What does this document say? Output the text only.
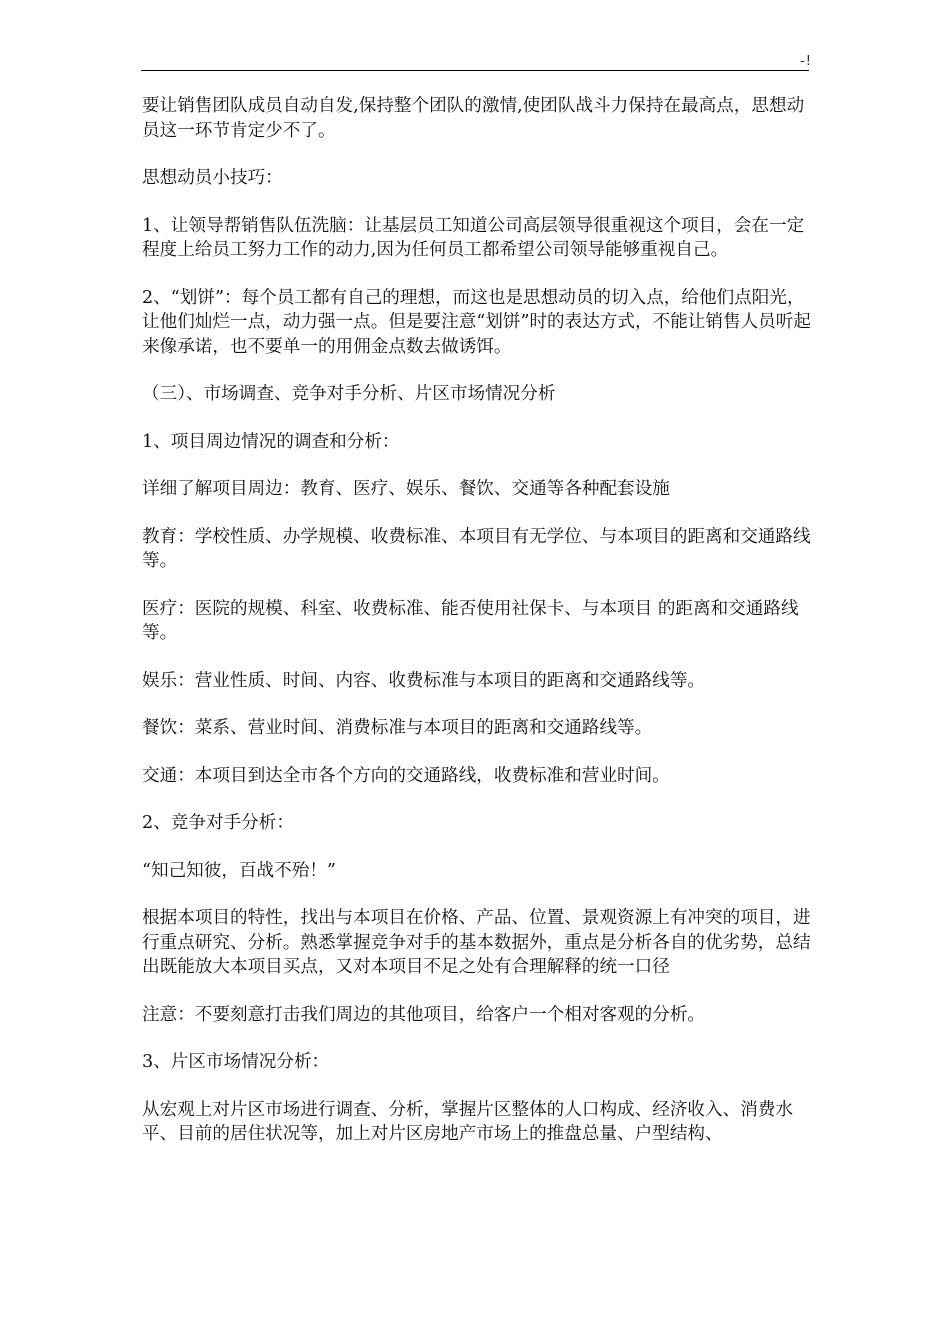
-!

要让销售团队成员自动自发,保持整个团队的激情,使团队战斗力保持在最高点，思想动员这一环节肯定少不了。

思想动员小技巧：

1、让领导帮销售队伍洗脑：让基层员工知道公司高层领导很重视这个项目，会在一定程度上给员工努力工作的动力,因为任何员工都希望公司领导能够重视自己。

2、“划饼”：每个员工都有自己的理想，而这也是思想动员的切入点，给他们点阳光，让他们灿烂一点，动力强一点。但是要注意“划饼”时的表达方式，不能让销售人员听起来像承诺，也不要单一的用佣金点数去做诱饵。

（三）、市场调查、竞争对手分析、片区市场情况分析

1、项目周边情况的调查和分析：

详细了解项目周边：教育、医疗、娱乐、餐饮、交通等各种配套设施

教育：学校性质、办学规模、收费标准、本项目有无学位、与本项目的距离和交通路线等。

医疗：医院的规模、科室、收费标准、能否使用社保卡、与本项目 的距离和交通路线等。

娱乐：营业性质、时间、内容、收费标准与本项目的距离和交通路线等。

餐饮：菜系、营业时间、消费标准与本项目的距离和交通路线等。

交通：本项目到达全市各个方向的交通路线，收费标准和营业时间。

2、竞争对手分析：

“知己知彼，百战不殆！”

根据本项目的特性，找出与本项目在价格、产品、位置、景观资源上有冲突的项目，进行重点研究、分析。熟悉掌握竞争对手的基本数据外，重点是分析各自的优劣势，总结出既能放大本项目买点，又对本项目不足之处有合理解释的统一口径

注意：不要刻意打击我们周边的其他项目，给客户一个相对客观的分析。

3、片区市场情况分析：

从宏观上对片区市场进行调查、分析，掌握片区整体的人口构成、经济收入、消费水平、目前的居住状况等，加上对片区房地产市场上的推盘总量、户型结构、
